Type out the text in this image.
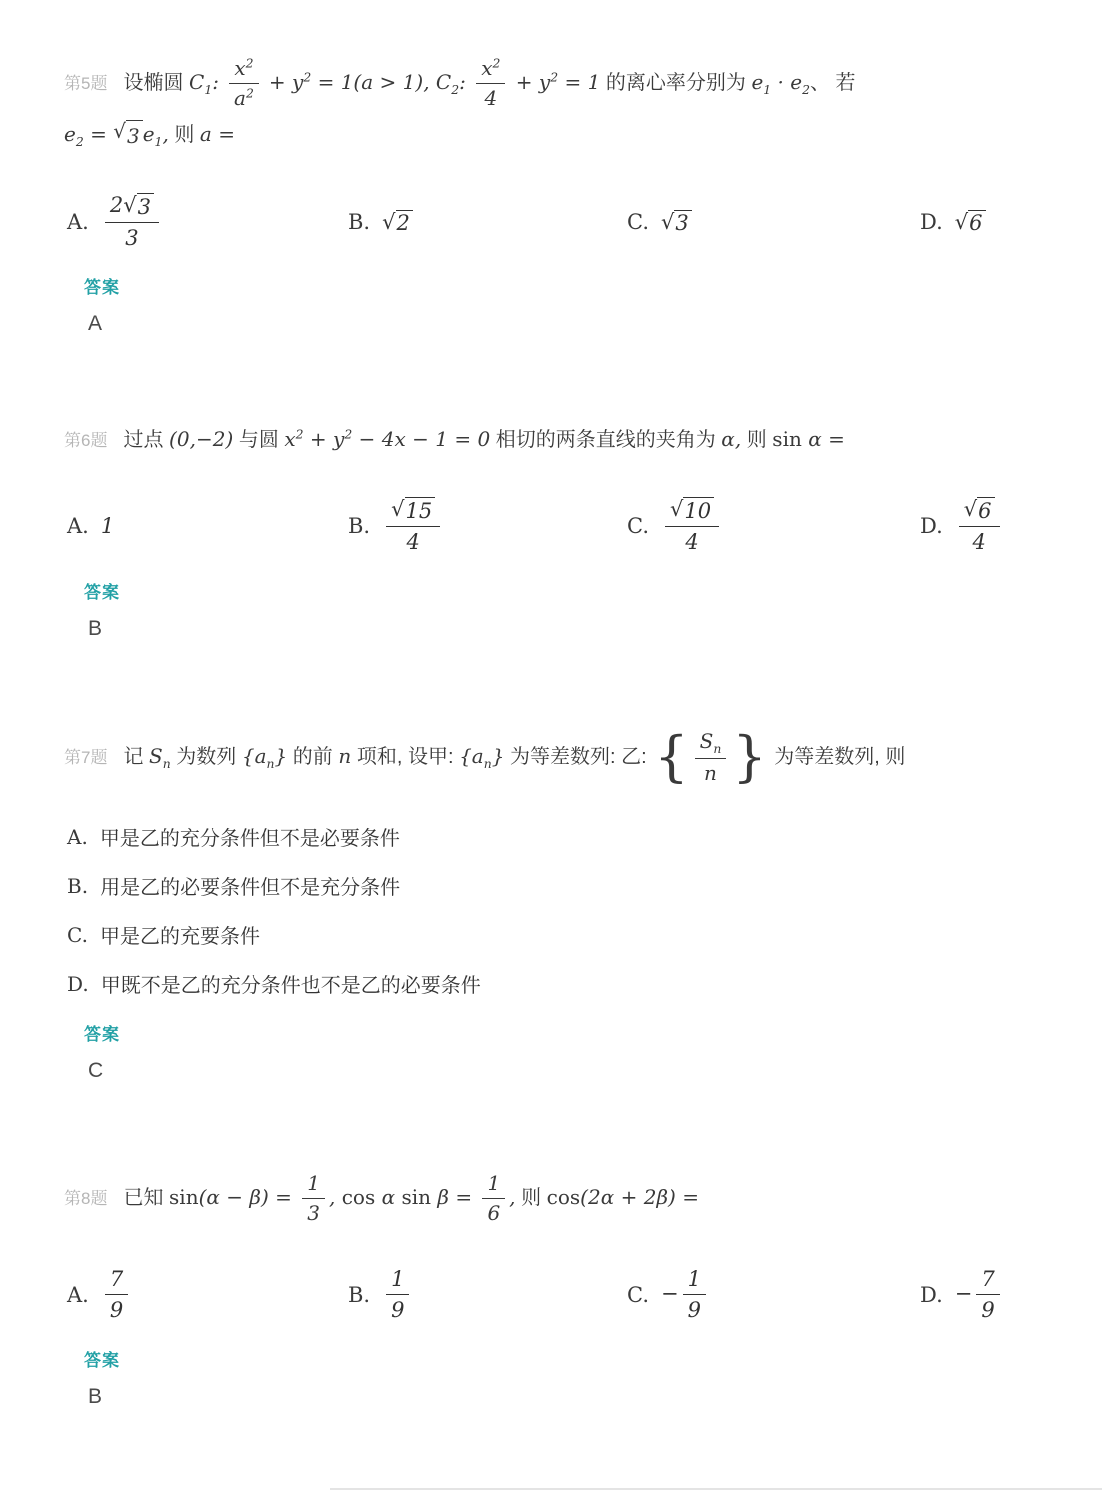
第5题 设椭圆 $C_1$: $\frac{x^2}{a^2} + y^2 = 1(a > 1)$, $C_2$: $\frac{x^2}{4} + y^2 = 1$ 的离心率分别为 $e_1 \cdot e_2$、 若
$e_2$ = √ 3 $e_1$, 则 a =
A. $\frac{2 √ 3}{3}$	B. √ 2	C. √ 3	D. √ 6
答案
A
第6题 过点 (0,−2) 与圆 $x^2 + y^2 - 4x - 1 = 0$ 相切的两条直线的夹角为 α, 则 sin α =
A. 1	B. $\frac{√ 15}{4}$	C. $\frac{√ 10}{4}$	D. $\frac{√ 6}{4}$
答案
B
第7题 记 $S_n$ 为数列 $\{a_n\}$ 的前 n 项和, 设甲: $\{a_n\}$ 为等差数列: 乙: { $\frac{S_n}{n}$ } 为等差数列, 则
A. 甲是乙的充分条件但不是必要条件
B. 用是乙的必要条件但不是充分条件
C. 甲是乙的充要条件
D. 甲既不是乙的充分条件也不是乙的必要条件
答案
C
第8题 已知 $\sin(\alpha - \beta) = \frac{1}{3}$ , cos α $\sin \beta = \frac{1}{6}$ , 则 cos(2α + 2β) =
A. $\frac{7}{9}$	B. $\frac{1}{9}$	C. − $\frac{1}{9}$	D. − $\frac{7}{9}$
答案
B
